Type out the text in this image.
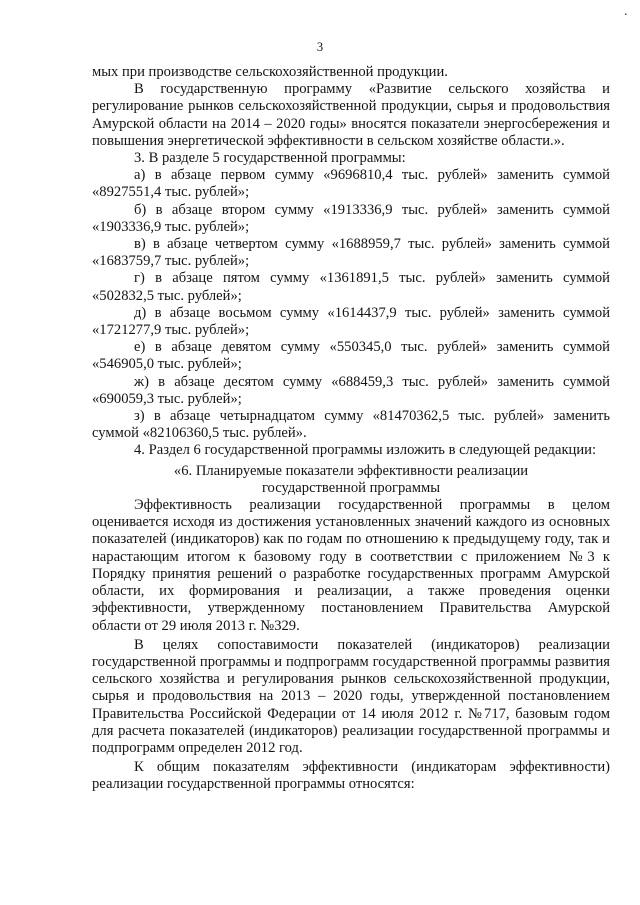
·
3

мых при производстве сельскохозяйственной продукции.

В государственную программу «Развитие сельского хозяйства и регулирование рынков сельскохозяйственной продукции, сырья и продовольствия Амурской области на 2014 – 2020 годы» вносятся показатели энергосбережения и повышения энергетической эффективности в сельском хозяйстве области.».

3. В разделе 5 государственной программы:

а) в абзаце первом сумму «9696810,4 тыс. рублей» заменить суммой «8927551,4 тыс. рублей»;

б) в абзаце втором сумму «1913336,9 тыс. рублей» заменить суммой «1903336,9 тыс. рублей»;

в) в абзаце четвертом сумму «1688959,7 тыс. рублей» заменить суммой «1683759,7 тыс. рублей»;

г) в абзаце пятом сумму «1361891,5 тыс. рублей» заменить суммой «502832,5 тыс. рублей»;

д) в абзаце восьмом сумму «1614437,9 тыс. рублей» заменить суммой «1721277,9 тыс. рублей»;

е) в абзаце девятом сумму «550345,0 тыс. рублей» заменить суммой «546905,0 тыс. рублей»;

ж) в абзаце десятом сумму «688459,3 тыс. рублей» заменить суммой «690059,3 тыс. рублей»;

з) в абзаце четырнадцатом сумму «81470362,5 тыс. рублей» заменить суммой «82106360,5 тыс. рублей».

4. Раздел 6 государственной программы изложить в следующей редакции:

«6. Планируемые показатели эффективности реализации государственной программы

Эффективность реализации государственной программы в целом оценивается исходя из достижения установленных значений каждого из основных показателей (индикаторов) как по годам по отношению к предыдущему году, так и нарастающим итогом к базовому году в соответствии с приложением №3 к Порядку принятия решений о разработке государственных программ Амурской области, их формирования и реализации, а также проведения оценки эффективности, утвержденному постановлением Правительства Амурской области от 29 июля 2013 г. №329.

В целях сопоставимости показателей (индикаторов) реализации государственной программы и подпрограмм государственной программы развития сельского хозяйства и регулирования рынков сельскохозяйственной продукции, сырья и продовольствия на 2013 – 2020 годы, утвержденной постановлением Правительства Российской Федерации от 14 июля 2012 г. №717, базовым годом для расчета показателей (индикаторов) реализации государственной программы и подпрограмм определен 2012 год.

К общим показателям эффективности (индикаторам эффективности) реализации государственной программы относятся:
